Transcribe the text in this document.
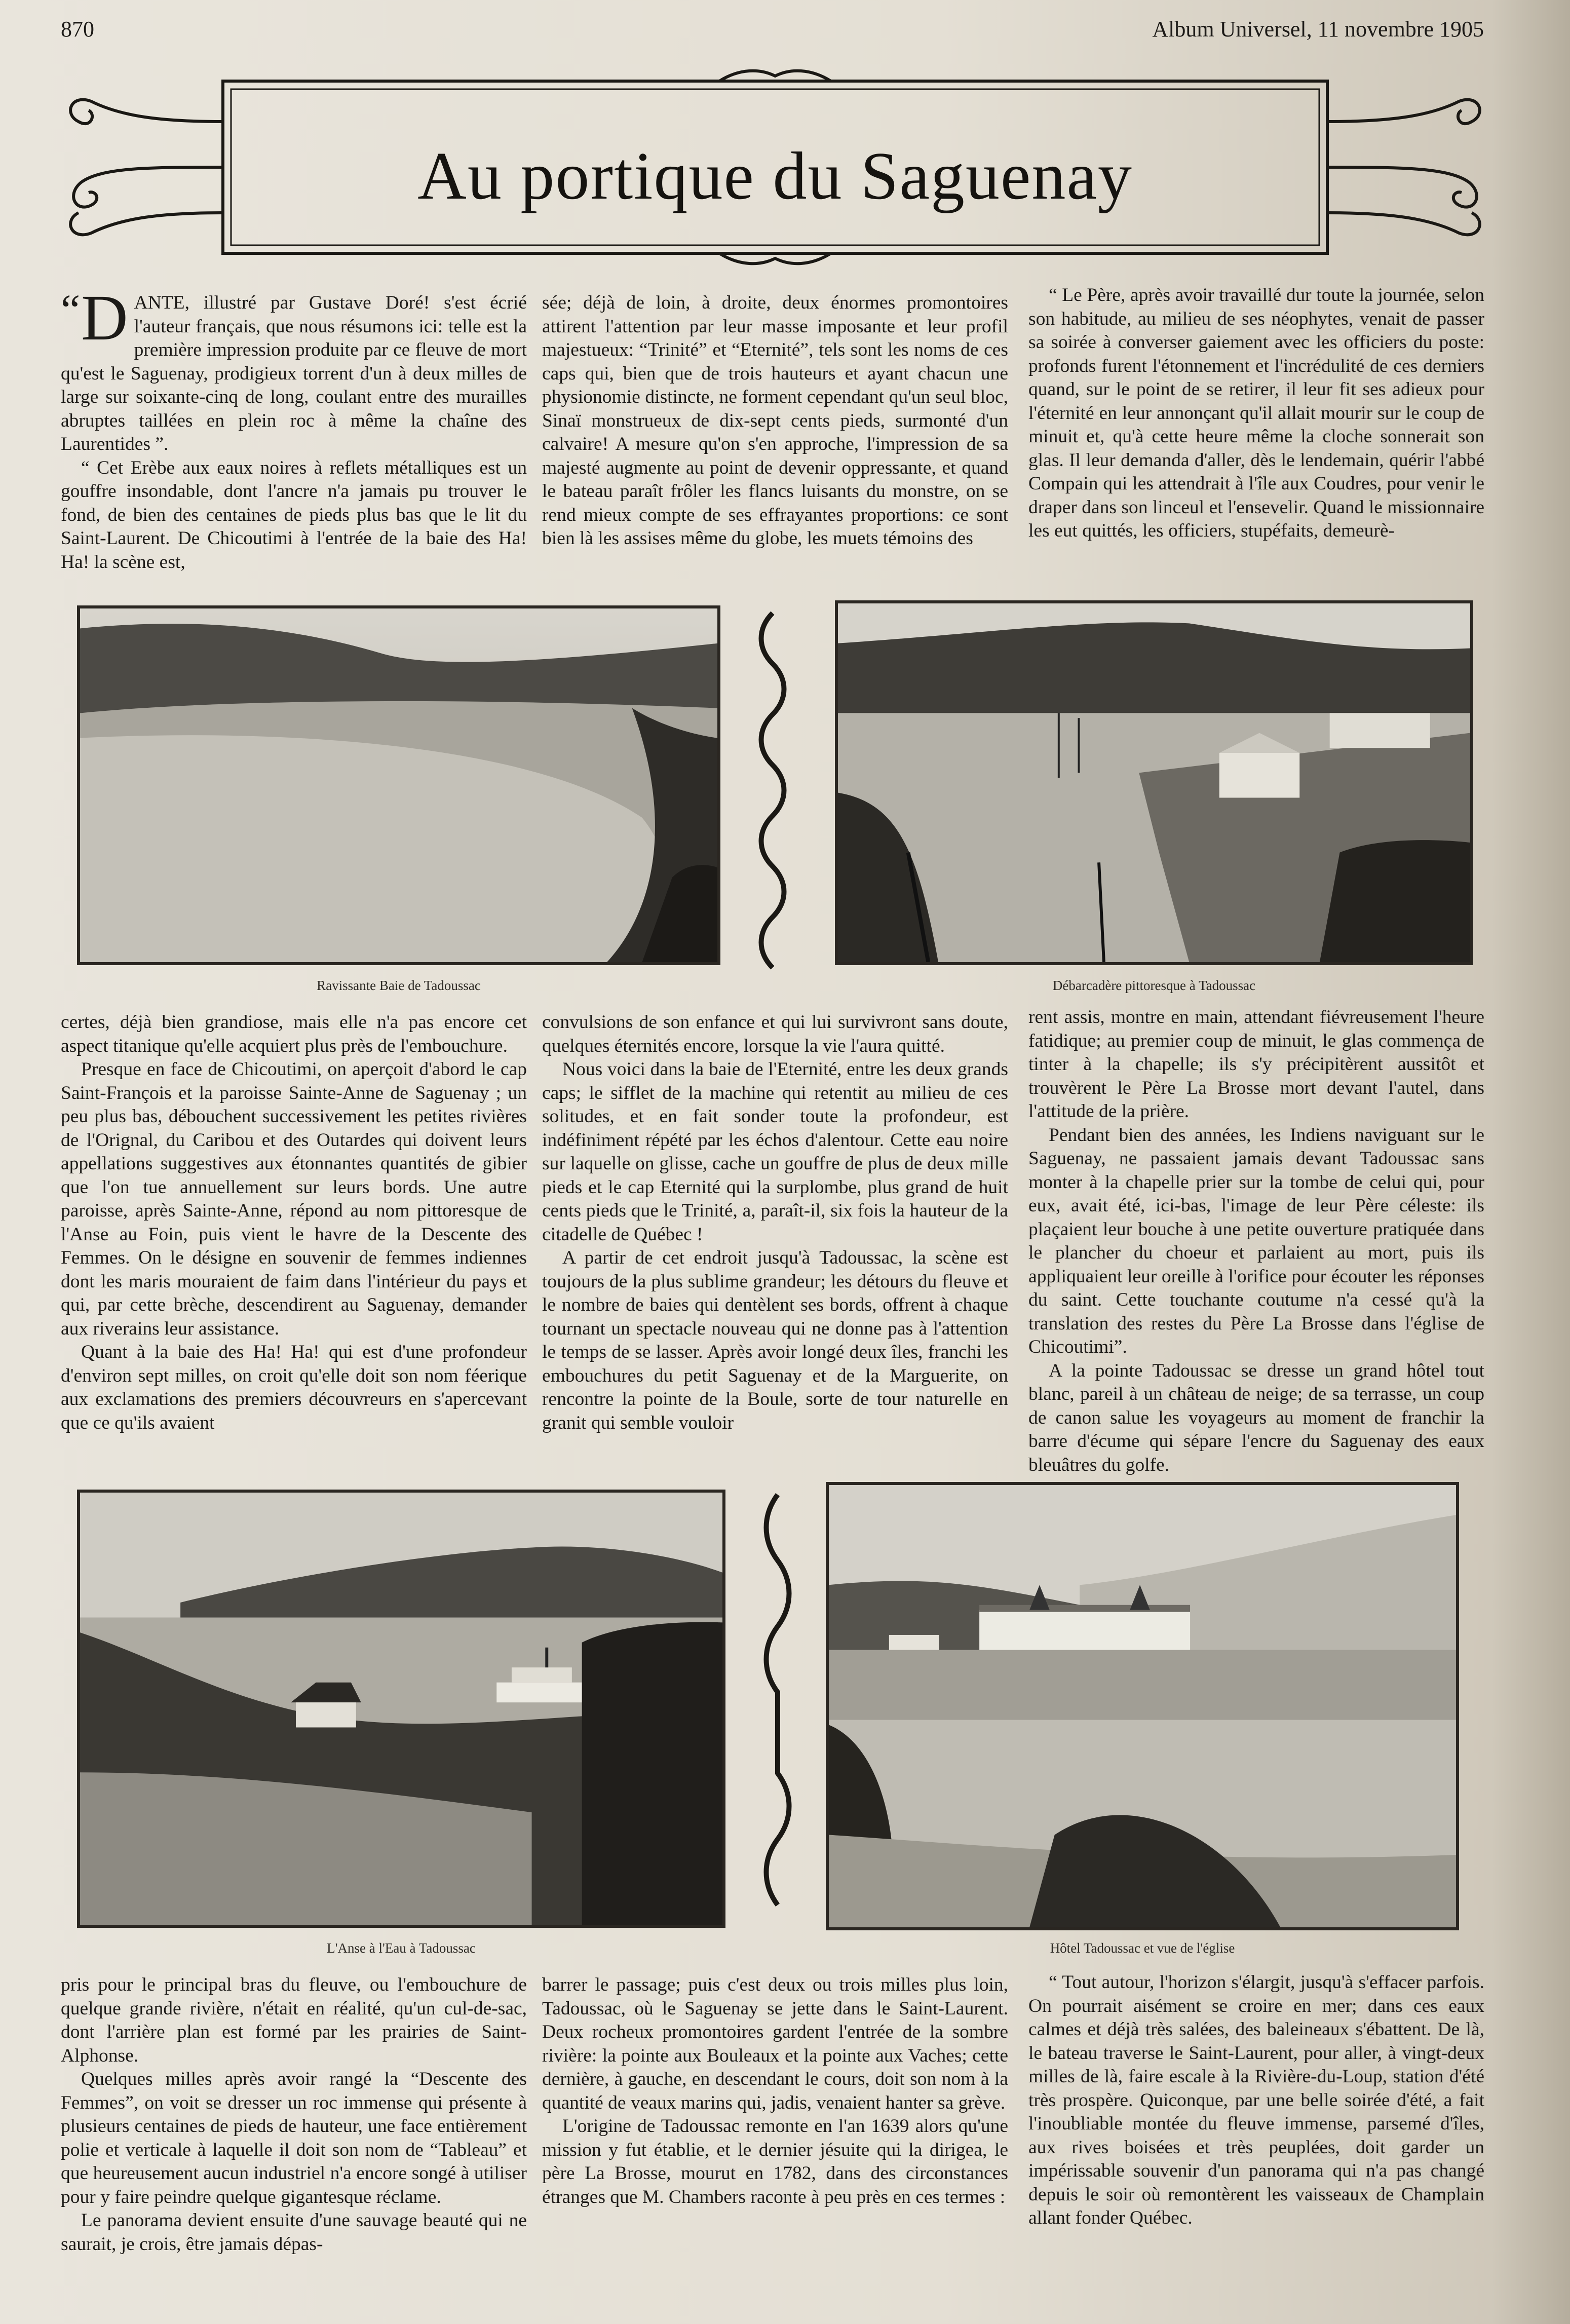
870	Album Universel, 11 novembre 1905
Au portique du Saguenay
“ D ANTE, illustré par Gustave Doré! s'est écrié l'auteur français, que nous résumons ici: telle est la première impression produite par ce fleuve de mort qu'est le Saguenay, prodigieux torrent d'un à deux milles de large sur soixante-cinq de long, coulant entre des murailles abruptes taillées en plein roc à même la chaîne des Laurentides ”.

“ Cet Erèbe aux eaux noires à reflets métalliques est un gouffre insondable, dont l'ancre n'a jamais pu trouver le fond, de bien des centaines de pieds plus bas que le lit du Saint-Laurent. De Chicoutimi à l'entrée de la baie des Ha! Ha! la scène est,

sée; déjà de loin, à droite, deux énormes promontoires attirent l'attention par leur masse imposante et leur profil majestueux: “Trinité” et “Eternité”, tels sont les noms de ces caps qui, bien que de trois hauteurs et ayant chacun une physionomie distincte, ne forment cependant qu'un seul bloc, Sinaï monstrueux de dix-sept cents pieds, surmonté d'un calvaire! A mesure qu'on s'en approche, l'impression de sa majesté augmente au point de devenir oppressante, et quand le bateau paraît frôler les flancs luisants du monstre, on se rend mieux compte de ses effrayantes proportions: ce sont bien là les assises même du globe, les muets témoins des

“ Le Père, après avoir travaillé dur toute la journée, selon son habitude, au milieu de ses néophytes, venait de passer sa soirée à converser gaiement avec les officiers du poste: profonds furent l'étonnement et l'incrédulité de ces derniers quand, sur le point de se retirer, il leur fit ses adieux pour l'éternité en leur annonçant qu'il allait mourir sur le coup de minuit et, qu'à cette heure même la cloche sonnerait son glas. Il leur demanda d'aller, dès le lendemain, quérir l'abbé Compain qui les attendrait à l'île aux Coudres, pour venir le draper dans son linceul et l'ensevelir. Quand le missionnaire les eut quittés, les officiers, stupéfaits, demeurè-

Ravissante Baie de Tadoussac	Débarcadère pittoresque à Tadoussac

certes, déjà bien grandiose, mais elle n'a pas encore cet aspect titanique qu'elle acquiert plus près de l'embouchure.

Presque en face de Chicoutimi, on aperçoit d'abord le cap Saint-François et la paroisse Sainte-Anne de Saguenay ; un peu plus bas, débouchent successivement les petites rivières de l'Orignal, du Caribou et des Outardes qui doivent leurs appellations suggestives aux étonnantes quantités de gibier que l'on tue annuellement sur leurs bords. Une autre paroisse, après Sainte-Anne, répond au nom pittoresque de l'Anse au Foin, puis vient le havre de la Descente des Femmes. On le désigne en souvenir de femmes indiennes dont les maris mouraient de faim dans l'intérieur du pays et qui, par cette brèche, descendirent au Saguenay, demander aux riverains leur assistance.

Quant à la baie des Ha! Ha! qui est d'une profondeur d'environ sept milles, on croit qu'elle doit son nom féerique aux exclamations des premiers découvreurs en s'apercevant que ce qu'ils avaient

convulsions de son enfance et qui lui survivront sans doute, quelques éternités encore, lorsque la vie l'aura quitté.

Nous voici dans la baie de l'Eternité, entre les deux grands caps; le sifflet de la machine qui retentit au milieu de ces solitudes, et en fait sonder toute la profondeur, est indéfiniment répété par les échos d'alentour. Cette eau noire sur laquelle on glisse, cache un gouffre de plus de deux mille pieds et le cap Eternité qui la surplombe, plus grand de huit cents pieds que le Trinité, a, paraît-il, six fois la hauteur de la citadelle de Québec !

A partir de cet endroit jusqu'à Tadoussac, la scène est toujours de la plus sublime grandeur; les détours du fleuve et le nombre de baies qui dentèlent ses bords, offrent à chaque tournant un spectacle nouveau qui ne donne pas à l'attention le temps de se lasser. Après avoir longé deux îles, franchi les embouchures du petit Saguenay et de la Marguerite, on rencontre la pointe de la Boule, sorte de tour naturelle en granit qui semble vouloir

rent assis, montre en main, attendant fiévreusement l'heure fatidique; au premier coup de minuit, le glas commença de tinter à la chapelle; ils s'y précipitèrent aussitôt et trouvèrent le Père La Brosse mort devant l'autel, dans l'attitude de la prière.

Pendant bien des années, les Indiens naviguant sur le Saguenay, ne passaient jamais devant Tadoussac sans monter à la chapelle prier sur la tombe de celui qui, pour eux, avait été, ici-bas, l'image de leur Père céleste: ils plaçaient leur bouche à une petite ouverture pratiquée dans le plancher du choeur et parlaient au mort, puis ils appliquaient leur oreille à l'orifice pour écouter les réponses du saint. Cette touchante coutume n'a cessé qu'à la translation des restes du Père La Brosse dans l'église de Chicoutimi”.

A la pointe Tadoussac se dresse un grand hôtel tout blanc, pareil à un château de neige; de sa terrasse, un coup de canon salue les voyageurs au moment de franchir la barre d'écume qui sépare l'encre du Saguenay des eaux bleuâtres du golfe.

L'Anse à l'Eau à Tadoussac	Hôtel Tadoussac et vue de l'église

pris pour le principal bras du fleuve, ou l'embouchure de quelque grande rivière, n'était en réalité, qu'un cul-de-sac, dont l'arrière plan est formé par les prairies de Saint-Alphonse.

Quelques milles après avoir rangé la “Descente des Femmes”, on voit se dresser un roc immense qui présente à plusieurs centaines de pieds de hauteur, une face entièrement polie et verticale à laquelle il doit son nom de “Tableau” et que heureusement aucun industriel n'a encore songé à utiliser pour y faire peindre quelque gigantesque réclame.

Le panorama devient ensuite d'une sauvage beauté qui ne saurait, je crois, être jamais dépas-

barrer le passage; puis c'est deux ou trois milles plus loin, Tadoussac, où le Saguenay se jette dans le Saint-Laurent. Deux rocheux promontoires gardent l'entrée de la sombre rivière: la pointe aux Bouleaux et la pointe aux Vaches; cette dernière, à gauche, en descendant le cours, doit son nom à la quantité de veaux marins qui, jadis, venaient hanter sa grève.

L'origine de Tadoussac remonte en l'an 1639 alors qu'une mission y fut établie, et le dernier jésuite qui la dirigea, le père La Brosse, mourut en 1782, dans des circonstances étranges que M. Chambers raconte à peu près en ces termes :

“ Tout autour, l'horizon s'élargit, jusqu'à s'effacer parfois. On pourrait aisément se croire en mer; dans ces eaux calmes et déjà très salées, des baleineaux s'ébattent. De là, le bateau traverse le Saint-Laurent, pour aller, à vingt-deux milles de là, faire escale à la Rivière-du-Loup, station d'été très prospère. Quiconque, par une belle soirée d'été, a fait l'inoubliable montée du fleuve immense, parsemé d'îles, aux rives boisées et très peuplées, doit garder un impérissable souvenir d'un panorama qui n'a pas changé depuis le soir où remontèrent les vaisseaux de Champlain allant fonder Québec.
